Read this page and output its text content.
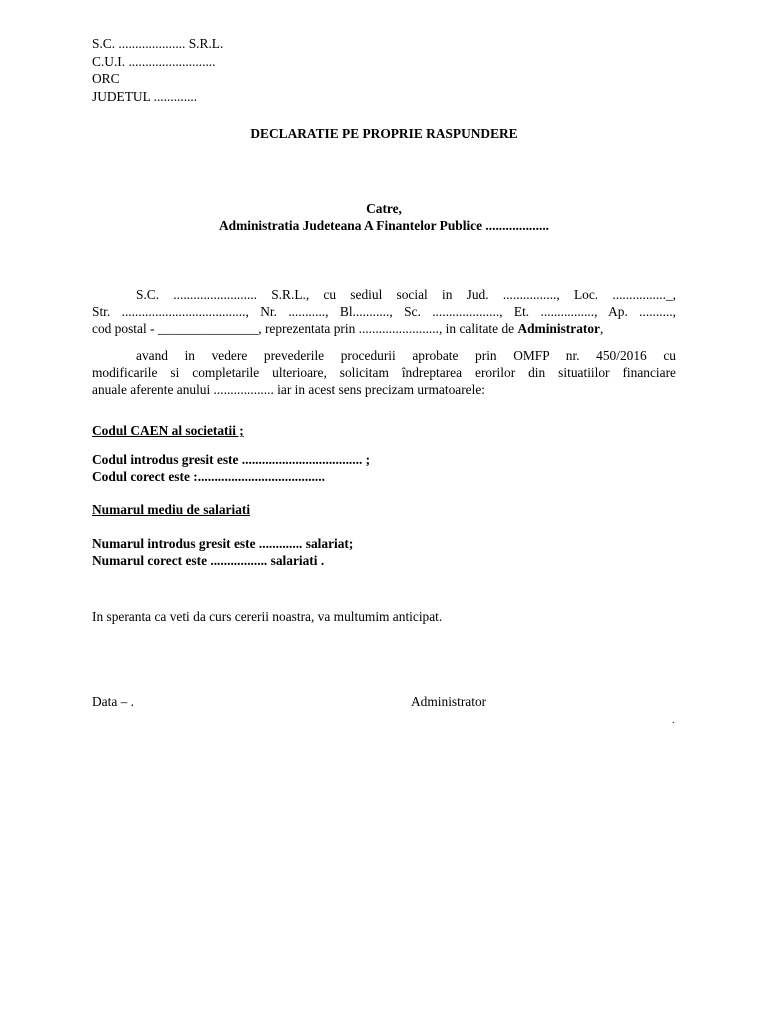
S.C. .................... S.R.L.
C.U.I. ..........................
ORC
JUDETUL .............
DECLARATIE PE PROPRIE RASPUNDERE
Catre,
Administratia Judeteana A Finantelor Publice ...................
S.C. ......................... S.R.L., cu sediul social in Jud. ................, Loc. ................_,
Str. ....................................., Nr. ..........., Bl..........., Sc. ...................., Et. ................, Ap. ..........,
cod postal - _______________, reprezentata prin ........................, in calitate de Administrator,
avand in vedere prevederile procedurii aprobate prin OMFP nr. 450/2016 cu
modificarile si completarile ulterioare, solicitam îndreptarea erorilor din situatiilor financiare
anuale aferente anului .................. iar in acest sens precizam urmatoarele:
Codul CAEN al societatii ;
Codul introdus gresit este .................................... ;
Codul corect este :......................................
Numarul mediu de salariati
Numarul introdus gresit este ............. salariat;
Numarul corect este ................. salariati .
In speranta ca veti da curs cererii noastra, va multumim anticipat.
Data – .	Administrator
.
